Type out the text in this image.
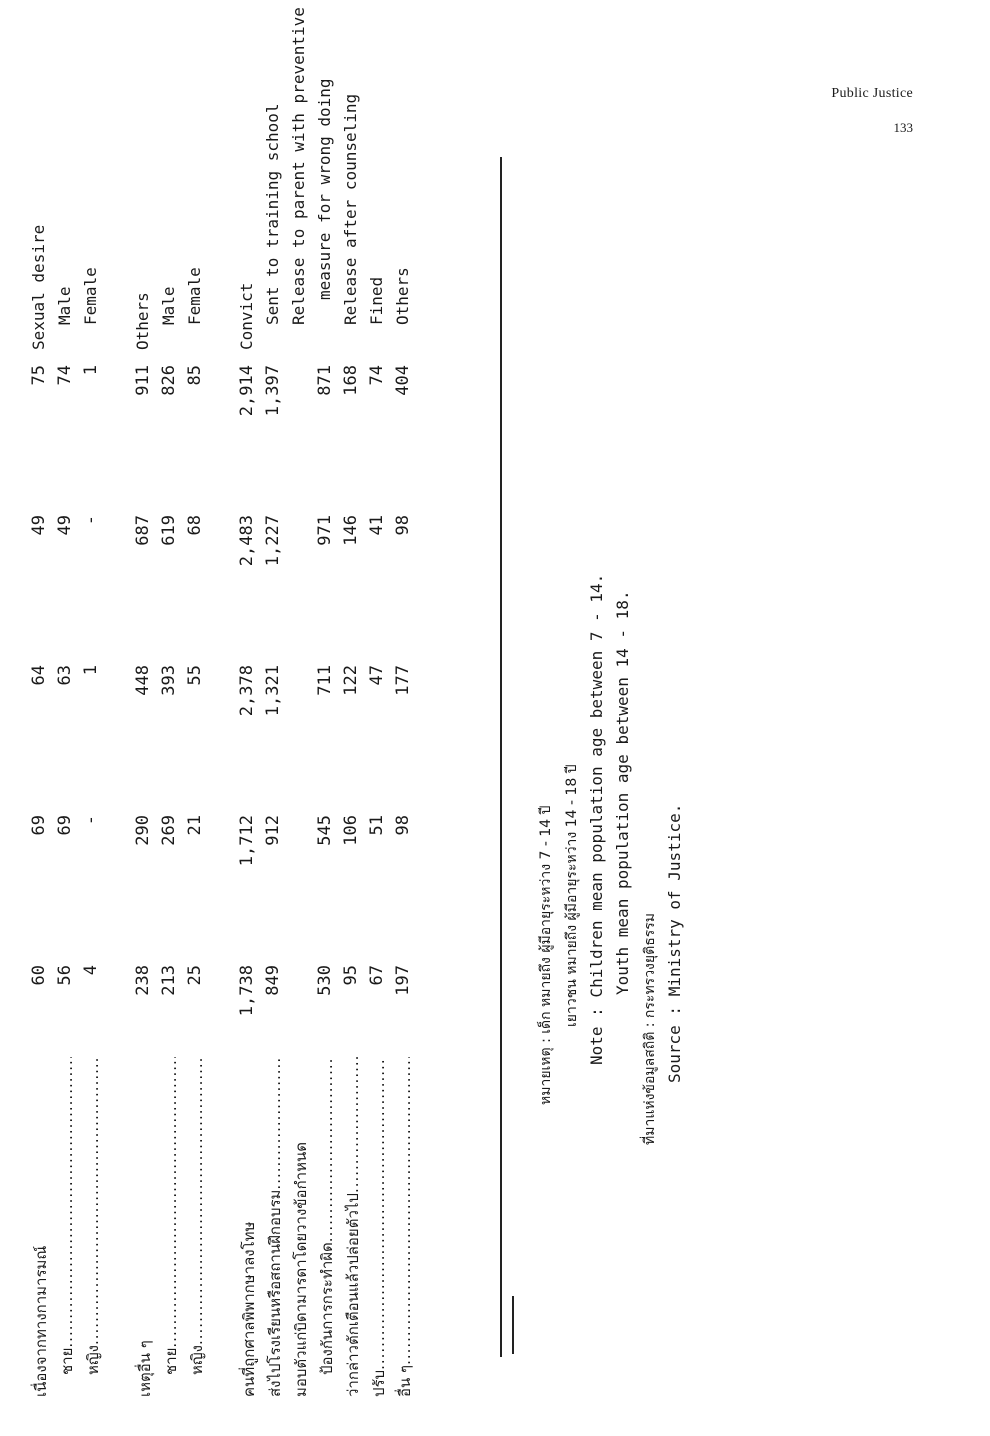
Public Justice
133
เนื่องจากทางกามารมณ์
60
69
64
49
75
Sexual desire
ชาย .....
56
69
63
49
74
Male
หญิง .....
4
-
1
-
1
Female
เหตุอื่น ๆ
238
290
448
687
911
Others
ชาย .....
213
269
393
619
826
Male
หญิง .....
25
21
55
68
85
Female
คนที่ถูกศาลพิพากษาลงโทษ
1,738
1,712
2,378
2,483
2,914
Convict
ส่งไปโรงเรียนหรือสถานฝึกอบรม .....
849
912
1,321
1,227
1,397
Sent to training school
มอบตัวแก่บิดามารดาโดยวางข้อกำหนด
Release to parent with preventive
ป้องกันการกระทำผิด .....
530
545
711
971
871
measure for wrong doing
ว่ากล่าวตักเตือนแล้วปล่อยตัวไป .....
95
106
122
146
168
Release after counseling
ปรับ .....
67
51
47
41
74
Fined
อื่น ๆ .....
197
98
177
98
404
Others
หมายเหตุ : เด็ก หมายถึง ผู้มีอายุระหว่าง 7 - 14 ปี เยาวชน หมายถึง ผู้มีอายุระหว่าง 14 - 18 ปี
Note : Children mean population age between 7 - 14. Youth mean population age between 14 - 18.
ที่มาแห่งข้อมูลสถิติ : กระทรวงยุติธรรม
Source : Ministry of Justice.
